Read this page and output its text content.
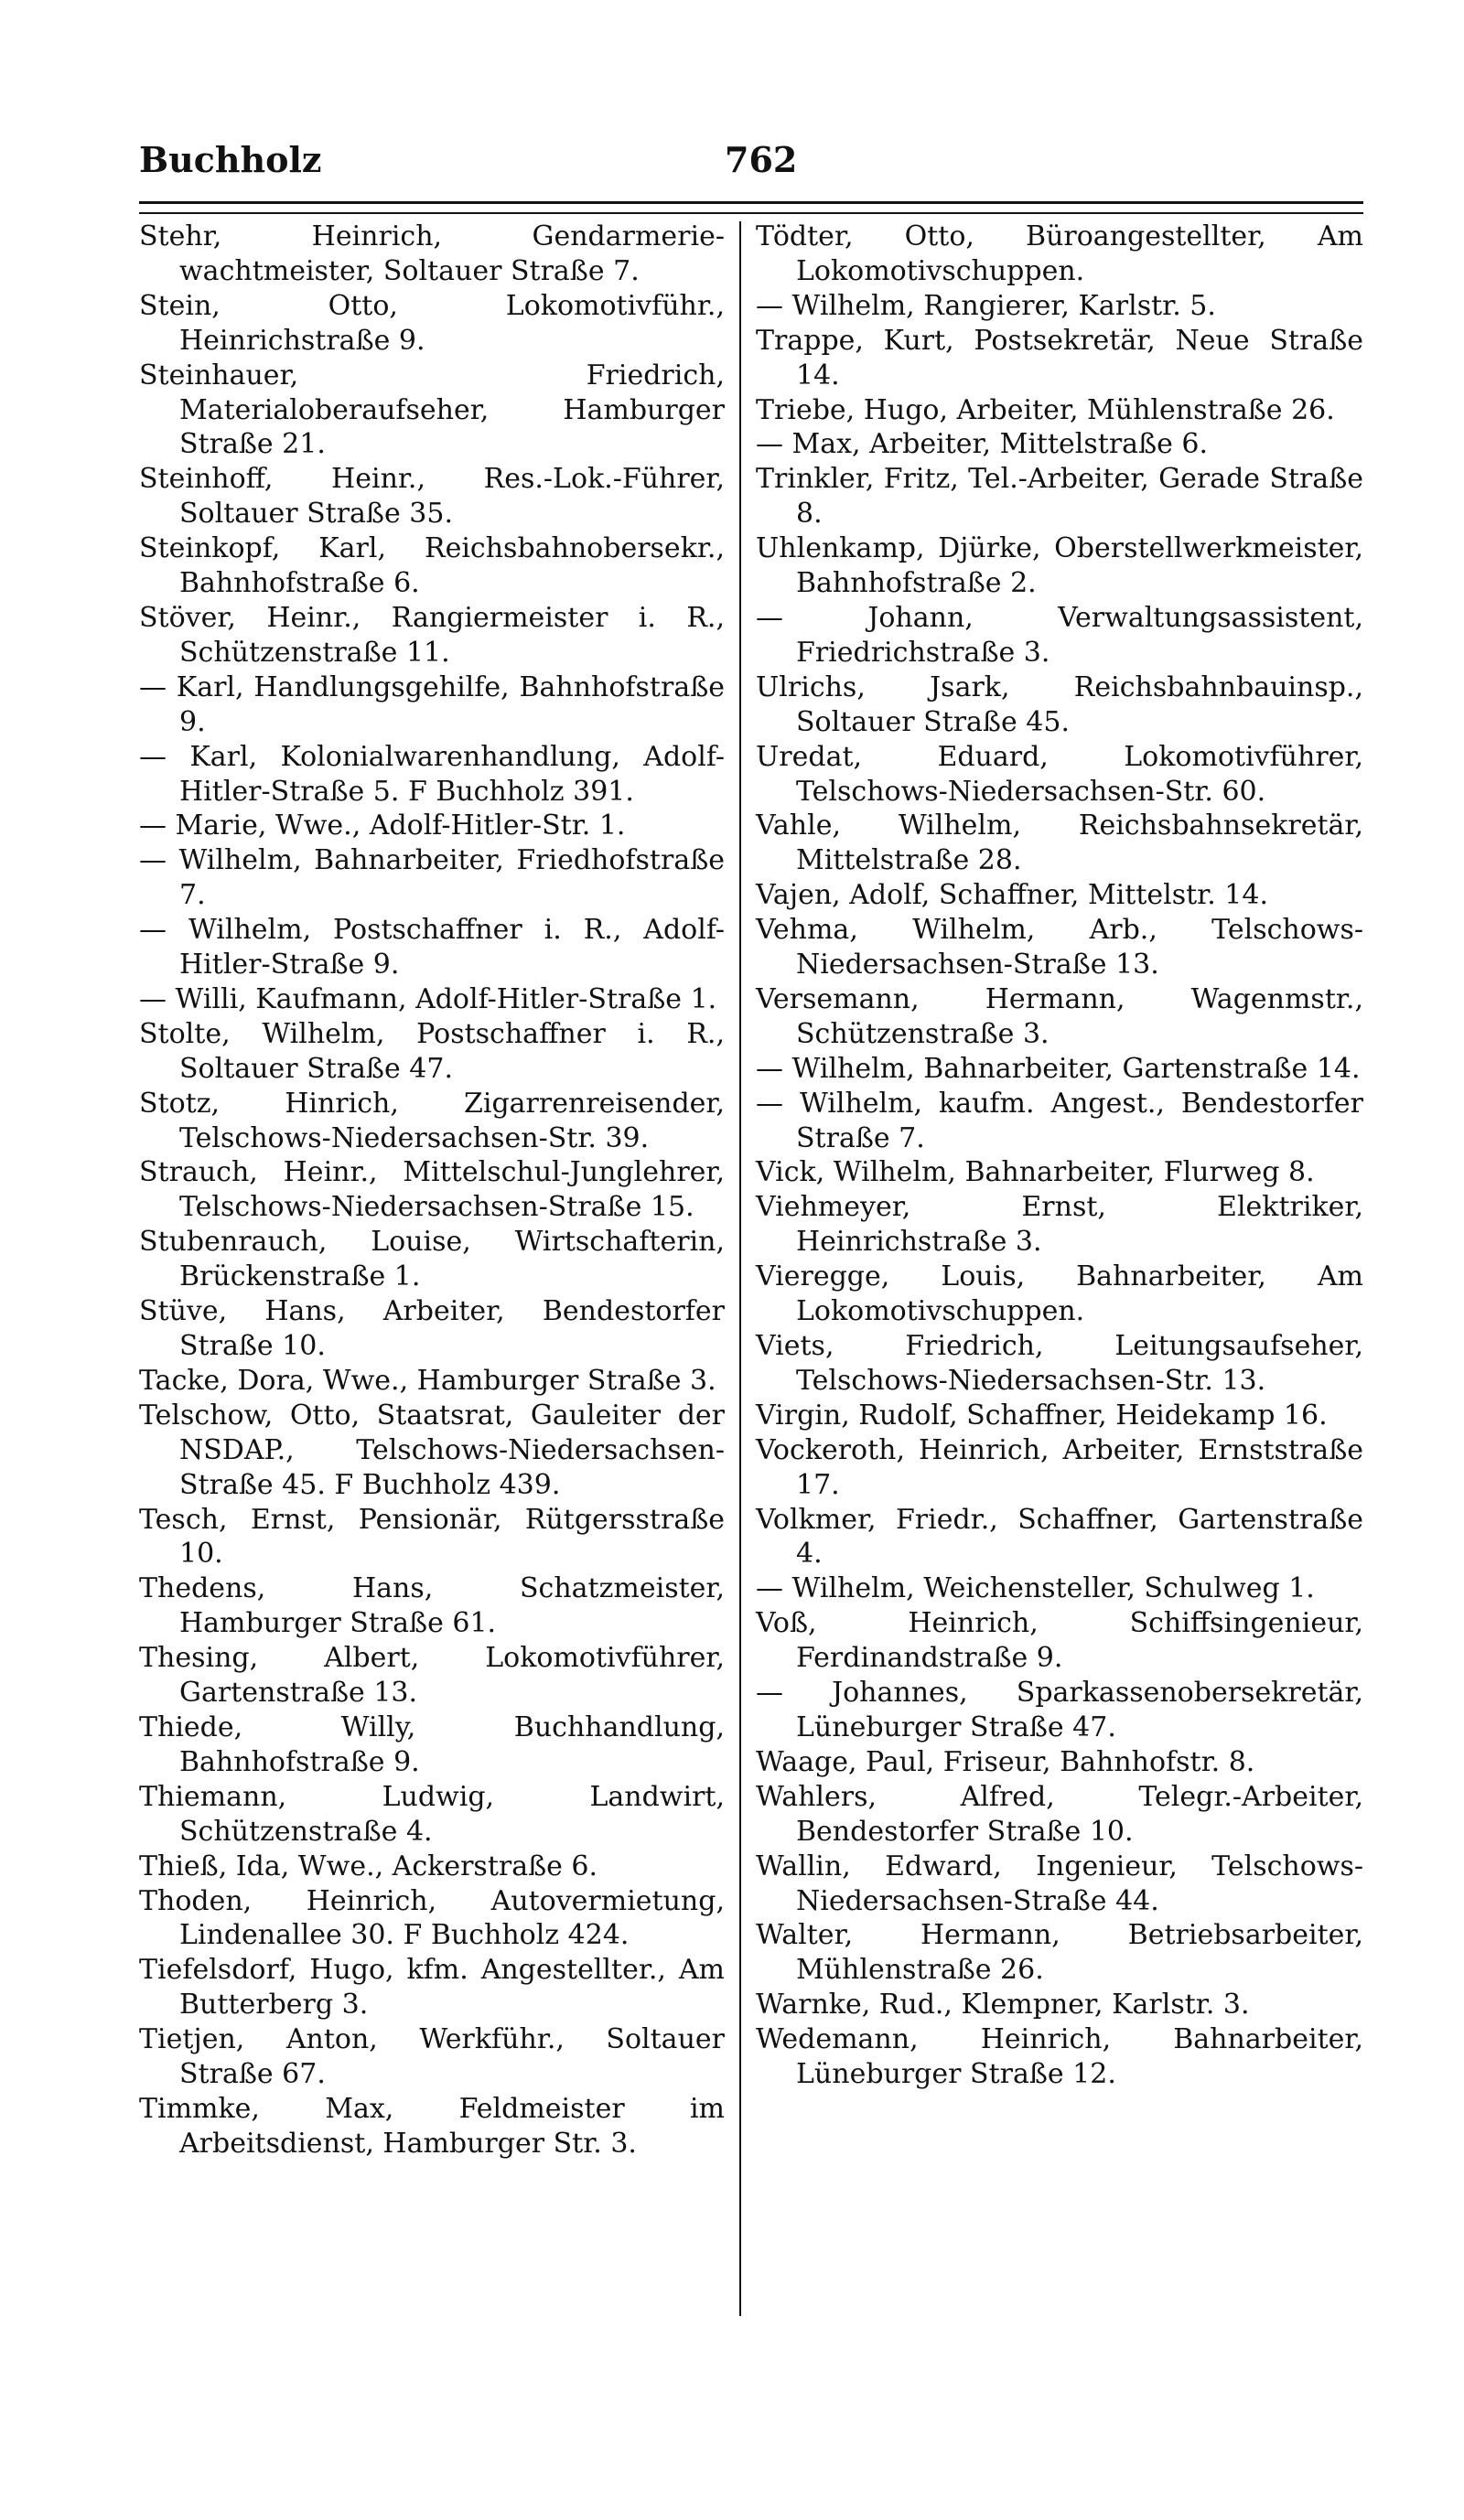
Buchholz	762

Stehr, Heinrich, Gendarmerie-wachtmeister, Soltauer Straße 7.

Stein, Otto, Lokomotivführ., Heinrichstraße 9.

Steinhauer, Friedrich, Materialoberaufseher, Hamburger Straße 21.

Steinhoff, Heinr., Res.-Lok.-Führer, Soltauer Straße 35.

Steinkopf, Karl, Reichsbahnobersekr., Bahnhofstraße 6.

Stöver, Heinr., Rangiermeister i. R., Schützenstraße 11.

— Karl, Handlungsgehilfe, Bahnhofstraße 9.

— Karl, Kolonialwarenhandlung, Adolf-Hitler-Straße 5. F Buchholz 391.

— Marie, Wwe., Adolf-Hitler-Str. 1.

— Wilhelm, Bahnarbeiter, Friedhofstraße 7.

— Wilhelm, Postschaffner i. R., Adolf-Hitler-Straße 9.

— Willi, Kaufmann, Adolf-Hitler-Straße 1.

Stolte, Wilhelm, Postschaffner i. R., Soltauer Straße 47.

Stotz, Hinrich, Zigarrenreisender, Telschows-Niedersachsen-Str. 39.

Strauch, Heinr., Mittelschul-Junglehrer, Telschows-Niedersachsen-Straße 15.

Stubenrauch, Louise, Wirtschafterin, Brückenstraße 1.

Stüve, Hans, Arbeiter, Bendestorfer Straße 10.

Tacke, Dora, Wwe., Hamburger Straße 3.

Telschow, Otto, Staatsrat, Gauleiter der NSDAP., Telschows-Niedersachsen-Straße 45. F Buchholz 439.

Tesch, Ernst, Pensionär, Rütgersstraße 10.

Thedens, Hans, Schatzmeister, Hamburger Straße 61.

Thesing, Albert, Lokomotivführer, Gartenstraße 13.

Thiede, Willy, Buchhandlung, Bahnhofstraße 9.

Thiemann, Ludwig, Landwirt, Schützenstraße 4.

Thieß, Ida, Wwe., Ackerstraße 6.

Thoden, Heinrich, Autovermietung, Lindenallee 30. F Buchholz 424.

Tiefelsdorf, Hugo, kfm. Angestellter., Am Butterberg 3.

Tietjen, Anton, Werkführ., Soltauer Straße 67.

Timmke, Max, Feldmeister im Arbeitsdienst, Hamburger Str. 3.

Tödter, Otto, Büroangestellter, Am Lokomotivschuppen.

— Wilhelm, Rangierer, Karlstr. 5.

Trappe, Kurt, Postsekretär, Neue Straße 14.

Triebe, Hugo, Arbeiter, Mühlenstraße 26.

— Max, Arbeiter, Mittelstraße 6.

Trinkler, Fritz, Tel.-Arbeiter, Gerade Straße 8.

Uhlenkamp, Djürke, Oberstellwerkmeister, Bahnhofstraße 2.

— Johann, Verwaltungsassistent, Friedrichstraße 3.

Ulrichs, Jsark, Reichsbahnbauinsp., Soltauer Straße 45.

Uredat, Eduard, Lokomotivführer, Telschows-Niedersachsen-Str. 60.

Vahle, Wilhelm, Reichsbahnsekretär, Mittelstraße 28.

Vajen, Adolf, Schaffner, Mittelstr. 14.

Vehma, Wilhelm, Arb., Telschows-Niedersachsen-Straße 13.

Versemann, Hermann, Wagenmstr., Schützenstraße 3.

— Wilhelm, Bahnarbeiter, Gartenstraße 14.

— Wilhelm, kaufm. Angest., Bendestorfer Straße 7.

Vick, Wilhelm, Bahnarbeiter, Flurweg 8.

Viehmeyer, Ernst, Elektriker, Heinrichstraße 3.

Vieregge, Louis, Bahnarbeiter, Am Lokomotivschuppen.

Viets, Friedrich, Leitungsaufseher, Telschows-Niedersachsen-Str. 13.

Virgin, Rudolf, Schaffner, Heidekamp 16.

Vockeroth, Heinrich, Arbeiter, Ernststraße 17.

Volkmer, Friedr., Schaffner, Gartenstraße 4.

— Wilhelm, Weichensteller, Schulweg 1.

Voß, Heinrich, Schiffsingenieur, Ferdinandstraße 9.

— Johannes, Sparkassenobersekretär, Lüneburger Straße 47.

Waage, Paul, Friseur, Bahnhofstr. 8.

Wahlers, Alfred, Telegr.-Arbeiter, Bendestorfer Straße 10.

Wallin, Edward, Ingenieur, Telschows-Niedersachsen-Straße 44.

Walter, Hermann, Betriebsarbeiter, Mühlenstraße 26.

Warnke, Rud., Klempner, Karlstr. 3.

Wedemann, Heinrich, Bahnarbeiter, Lüneburger Straße 12.
